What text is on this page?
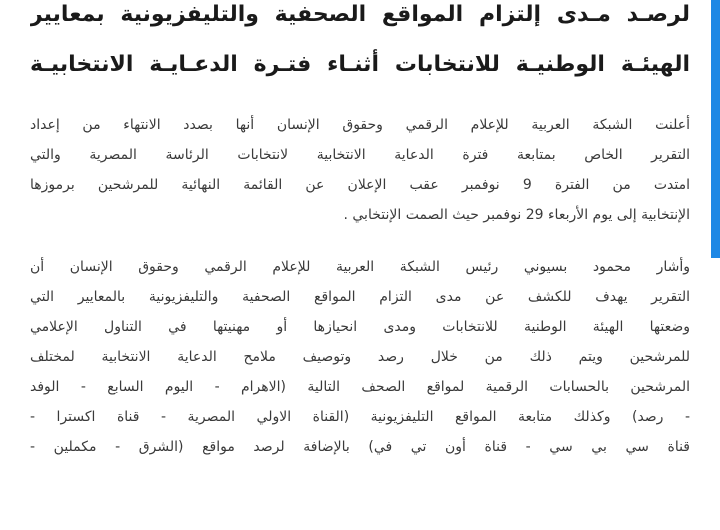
لرصـد مـدى إلتزام المواقع الصحفية والتليفزيونية بمعايير
الهيئـة الوطنيـة للانتخابات أثنـاء فتـرة الدعـايـة الانتخابيـة

أعلنت الشبكة العربية للإعلام الرقمي وحقوق الإنسان أنها بصدد الانتهاء من إعداد
التقرير الخاص بمتابعة فترة الدعاية الانتخابية لانتخابات الرئاسة المصرية والتي
امتدت من الفترة 9 نوفمبر عقب الإعلان عن القائمة النهائية للمرشحين برموزها
الإنتخابية إلى يوم الأربعاء 29 نوفمبر حيث الصمت الإنتخابي .

وأشار محمود بسيوني رئيس الشبكة العربية للإعلام الرقمي وحقوق الإنسان أن
التقرير يهدف للكشف عن مدى التزام المواقع الصحفية والتليفزيونية بالمعايير التي
وضعتها الهيئة الوطنية للانتخابات ومدى انحيازها أو مهنيتها في التناول الإعلامي
للمرشحين ويتم ذلك من خلال رصد وتوصيف ملامح الدعاية الانتخابية لمختلف
المرشحين بالحسابات الرقمية لمواقع الصحف التالية (الاهرام - اليوم السابع - الوفد
- رصد) وكذلك متابعة المواقع التليفزيونية (القناة الاولي المصرية - قناة اكسترا -
قناة سي بي سي - قناة أون تي في) بالإضافة لرصد مواقع (الشرق - مكملين -
